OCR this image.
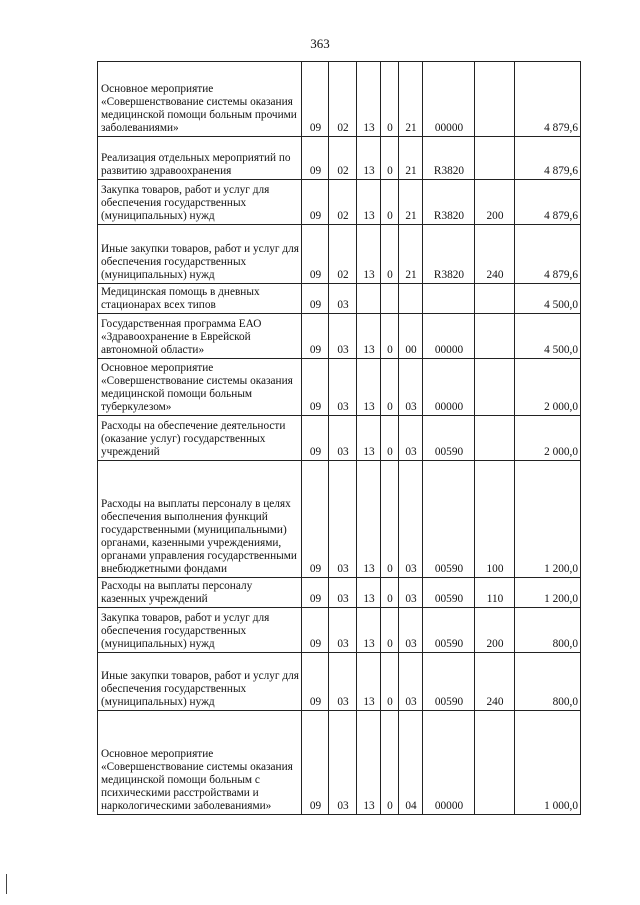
363
Основное мероприятие «Совершенствование системы оказания медицинской помощи больным прочими заболеваниями»	09	02	13	0	21	00000		4 879,6
Реализация отдельных мероприятий по развитию здравоохранения	09	02	13	0	21	R3820		4 879,6
Закупка товаров, работ и услуг для обеспечения государственных (муниципальных) нужд	09	02	13	0	21	R3820	200	4 879,6
Иные закупки товаров, работ и услуг для обеспечения государственных (муниципальных) нужд	09	02	13	0	21	R3820	240	4 879,6
Медицинская помощь в дневных стационарах всех типов	09	03						4 500,0
Государственная программа ЕАО «Здравоохранение в Еврейской автономной области»	09	03	13	0	00	00000		4 500,0
Основное мероприятие «Совершенствование системы оказания медицинской помощи больным туберкулезом»	09	03	13	0	03	00000		2 000,0
Расходы на обеспечение деятельности (оказание услуг) государственных учреждений	09	03	13	0	03	00590		2 000,0
Расходы на выплаты персоналу в целях обеспечения выполнения функций государственными (муниципальными) органами, казенными учреждениями, органами управления государственными внебюджетными фондами	09	03	13	0	03	00590	100	1 200,0
Расходы на выплаты персоналу казенных учреждений	09	03	13	0	03	00590	110	1 200,0
Закупка товаров, работ и услуг для обеспечения государственных (муниципальных) нужд	09	03	13	0	03	00590	200	800,0
Иные закупки товаров, работ и услуг для обеспечения государственных (муниципальных) нужд	09	03	13	0	03	00590	240	800,0
Основное мероприятие «Совершенствование системы оказания медицинской помощи больным с психическими расстройствами и наркологическими заболеваниями»	09	03	13	0	04	00000		1 000,0
